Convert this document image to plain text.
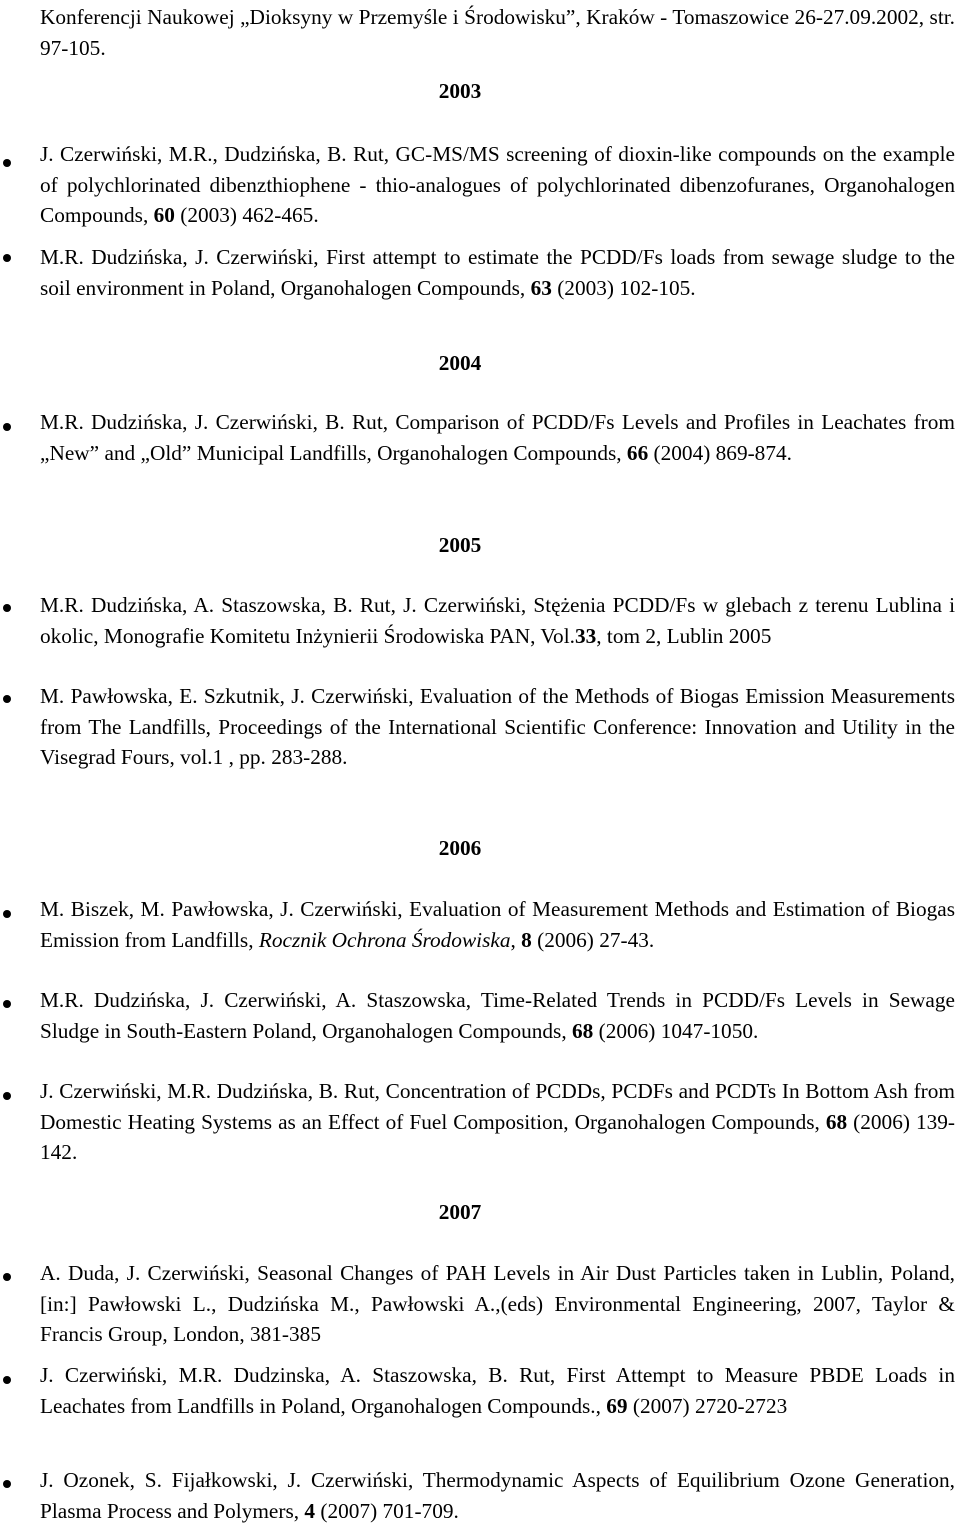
Konferencji Naukowej „Dioksyny w Przemyśle i Środowisku”, Kraków - Tomaszowice 26-27.09.2002, str. 97-105.

2003

J. Czerwiński, M.R., Dudzińska, B. Rut, GC-MS/MS screening of dioxin-like compounds on the example of polychlorinated dibenzthiophene - thio-analogues of polychlorinated dibenzofuranes, Organohalogen Compounds, 60 (2003) 462-465.

M.R. Dudzińska, J. Czerwiński, First attempt to estimate the PCDD/Fs loads from sewage sludge to the soil environment in Poland, Organohalogen Compounds, 63 (2003) 102-105.

2004

M.R. Dudzińska, J. Czerwiński, B. Rut, Comparison of PCDD/Fs Levels and Profiles in Leachates from „New” and „Old” Municipal Landfills, Organohalogen Compounds, 66 (2004) 869-874.

2005

M.R. Dudzińska, A. Staszowska, B. Rut, J. Czerwiński, Stężenia PCDD/Fs w glebach z terenu Lublina i okolic, Monografie Komitetu Inżynierii Środowiska PAN, Vol.33, tom 2, Lublin 2005

M. Pawłowska, E. Szkutnik, J. Czerwiński, Evaluation of the Methods of Biogas Emission Measurements from The Landfills, Proceedings of the International Scientific Conference: Innovation and Utility in the Visegrad Fours, vol.1 , pp. 283-288.

2006

M. Biszek, M. Pawłowska, J. Czerwiński, Evaluation of Measurement Methods and Estimation of Biogas Emission from Landfills, Rocznik Ochrona Środowiska, 8 (2006) 27-43.

M.R. Dudzińska, J. Czerwiński, A. Staszowska, Time-Related Trends in PCDD/Fs Levels in Sewage Sludge in South-Eastern Poland, Organohalogen Compounds, 68 (2006) 1047-1050.

J. Czerwiński, M.R. Dudzińska, B. Rut, Concentration of PCDDs, PCDFs and PCDTs In Bottom Ash from Domestic Heating Systems as an Effect of Fuel Composition, Organohalogen Compounds, 68 (2006) 139-142.

2007

A. Duda, J. Czerwiński, Seasonal Changes of PAH Levels in Air Dust Particles taken in Lublin, Poland, [in:] Pawłowski L., Dudzińska M., Pawłowski A.,(eds) Environmental Engineering, 2007, Taylor & Francis Group, London, 381-385

J. Czerwiński, M.R. Dudzinska, A. Staszowska, B. Rut, First Attempt to Measure PBDE Loads in Leachates from Landfills in Poland, Organohalogen Compounds., 69 (2007) 2720-2723

J. Ozonek, S. Fijałkowski, J. Czerwiński, Thermodynamic Aspects of Equilibrium Ozone Generation, Plasma Process and Polymers, 4 (2007) 701-709.
